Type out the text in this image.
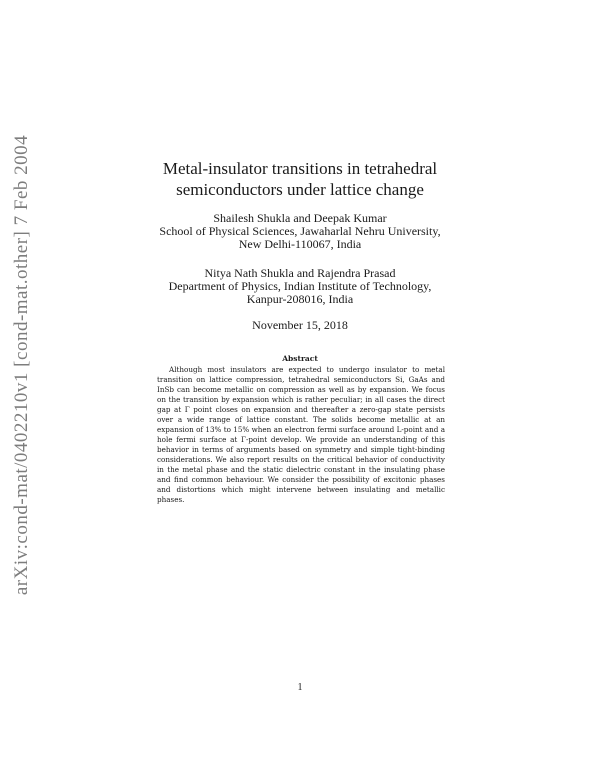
arXiv:cond-mat/0402210v1 [cond-mat.other] 7 Feb 2004	Metal-insulator transitions in tetrahedral
semiconductors under lattice change
Shailesh Shukla and Deepak Kumar
School of Physical Sciences, Jawaharlal Nehru University,
New Delhi-110067, India
Nitya Nath Shukla and Rajendra Prasad
Department of Physics, Indian Institute of Technology,
Kanpur-208016, India
November 15, 2018
Abstract

Although most insulators are expected to undergo insulator to metal transition on lattice compression, tetrahedral semiconductors Si, GaAs and InSb can become metallic on compression as well as by expansion. We focus on the transition by expansion which is rather peculiar; in all cases the direct gap at Γ point closes on expansion and thereafter a zero-gap state persists over a wide range of lattice constant. The solids become metallic at an expansion of 13% to 15% when an electron fermi surface around L-point and a hole fermi surface at Γ-point develop. We provide an understanding of this behavior in terms of arguments based on symmetry and simple tight-binding considerations. We also report results on the critical behavior of conductivity in the metal phase and the static dielectric constant in the insulating phase and find common behaviour. We consider the possibility of excitonic phases and distortions which might intervene between insulating and metallic phases.

1
